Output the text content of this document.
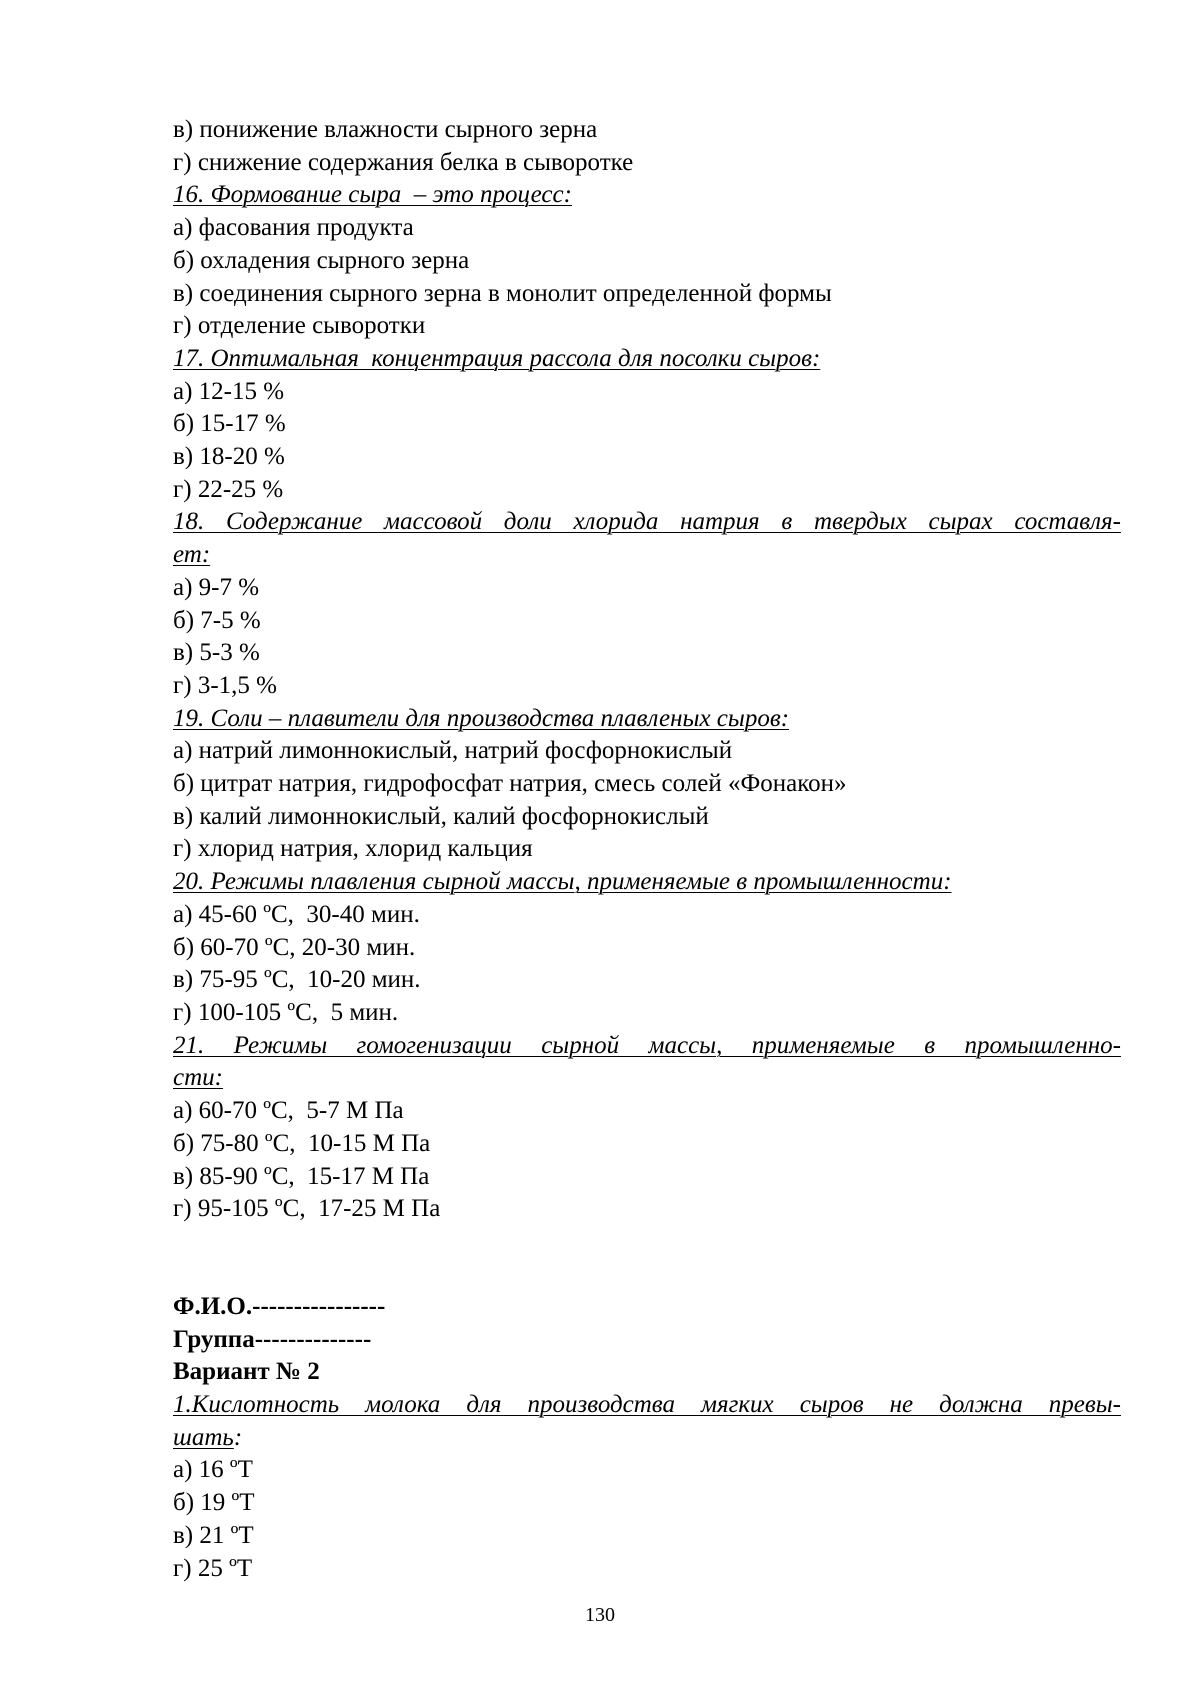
в) понижение влажности сырного зерна
г) снижение содержания белка в сыворотке
16. Формование сыра  – это процесс:
а) фасования продукта
б) охладения сырного зерна
в) соединения сырного зерна в монолит определенной формы
г) отделение сыворотки
17. Оптимальная  концентрация рассола для посолки сыров:
а) 12-15 %
б) 15-17 %
в) 18-20 %
г) 22-25 %
18. Содержание массовой доли хлорида натрия в твердых сырах составля-
ет:
а) 9-7 %
б) 7-5 %
в) 5-3 %
г) 3-1,5 %
19. Соли – плавители для производства плавленых сыров:
а) натрий лимоннокислый, натрий фосфорнокислый
б) цитрат натрия, гидрофосфат натрия, смесь солей «Фонакон»
в) калий лимоннокислый, калий фосфорнокислый
г) хлорид натрия, хлорид кальция
20. Режимы плавления сырной массы, применяемые в промышленности:
а) 45-60 ºС,  30-40 мин.
б) 60-70 ºС, 20-30 мин.
в) 75-95 ºС,  10-20 мин.
г) 100-105 ºС,  5 мин.
21. Режимы гомогенизации сырной массы, применяемые в промышленно-
сти:
а) 60-70 ºС,  5-7 М Па
б) 75-80 ºС,  10-15 М Па
в) 85-90 ºС,  15-17 М Па
г) 95-105 ºС,  17-25 М Па
Ф.И.О.----------------
Группа--------------
Вариант № 2
1.Кислотность молока для производства мягких сыров не должна превы-
шать:
а) 16 ºТ
б) 19 ºТ
в) 21 ºТ
г) 25 ºТ
130
